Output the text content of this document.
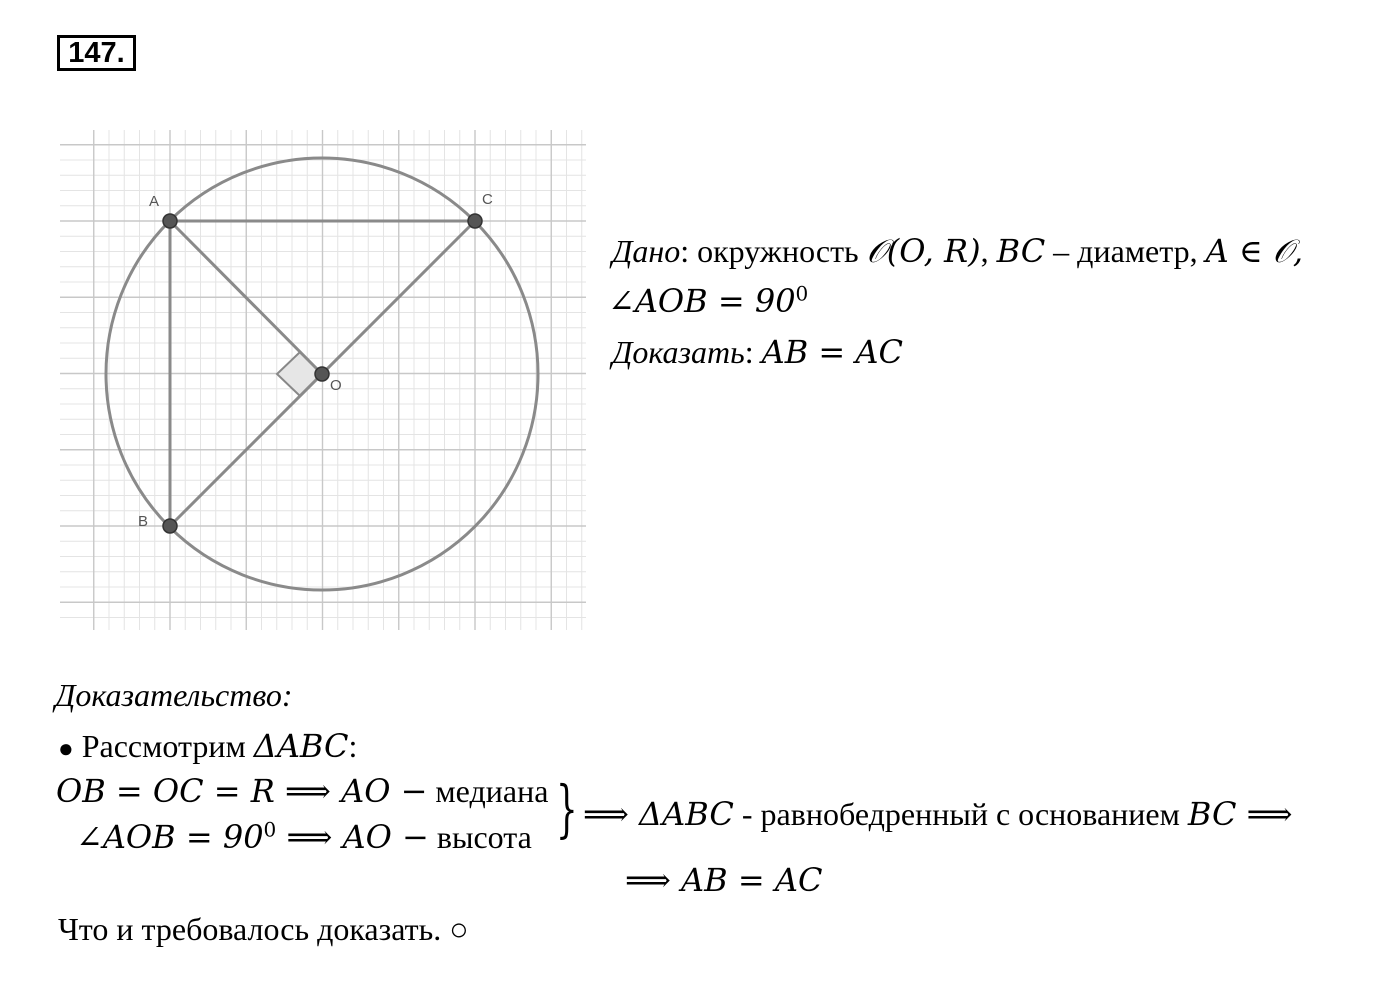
147.
A	C
B
O
Дано: окружность 𝒪(O, R), BC – диаметр, A ∈ 𝒪,
∠AOB = $90^0$
Доказать: AB = AC
Доказательство:
● Рассмотрим ΔABC:
OB = OC = R ⟹ AO − медиана
∠AOB = $90^0$ ⟹ AO − высота } ⟹ ΔABC - равнобедренный с основанием BC ⟹
⟹ AB = AC
Что и требовалось доказать. ○
